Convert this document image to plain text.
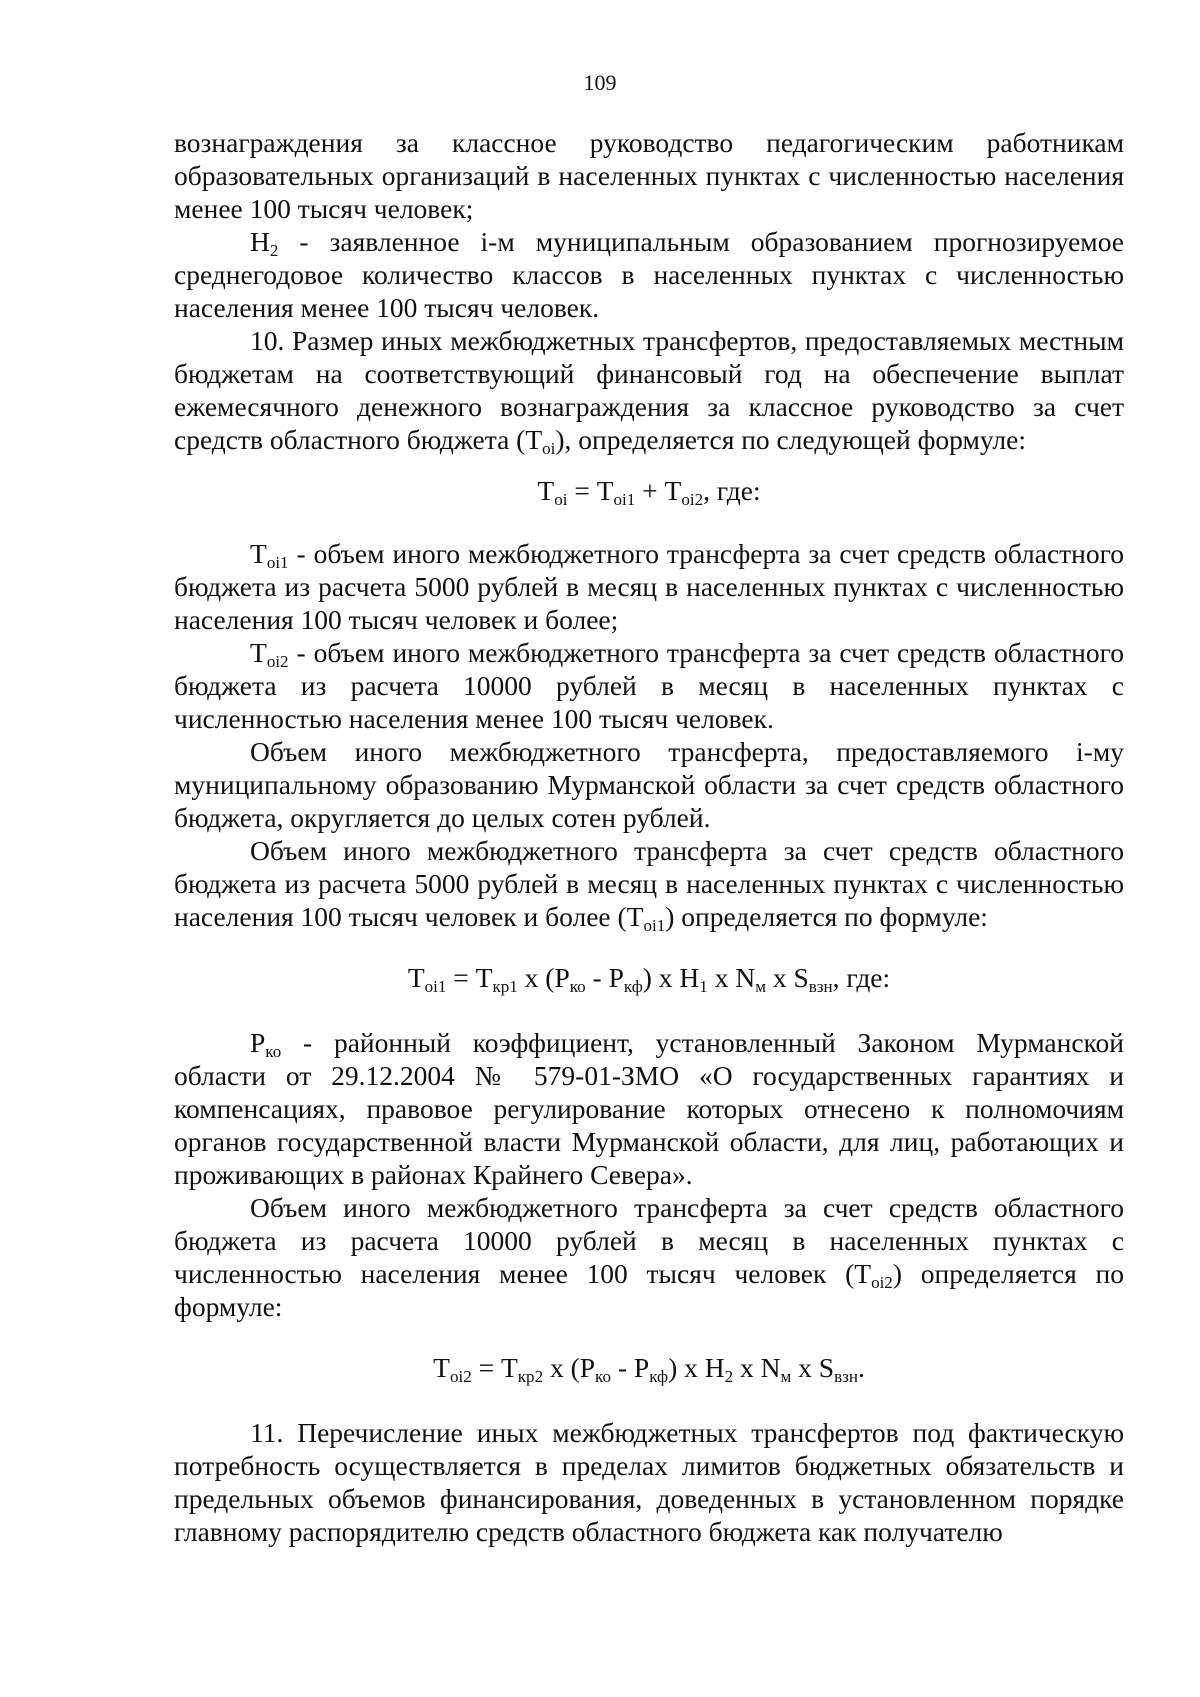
109

вознаграждения за классное руководство педагогическим работникам образовательных организаций в населенных пунктах с численностью населения менее 100 тысяч человек;

$Н_2$ - заявленное i-м муниципальным образованием прогнозируемое среднегодовое количество классов в населенных пунктах с численностью населения менее 100 тысяч человек.

10. Размер иных межбюджетных трансфертов, предоставляемых местным бюджетам на соответствующий финансовый год на обеспечение выплат ежемесячного денежного вознаграждения за классное руководство за счет средств областного бюджета $(Т_{oi})$, определяется по следующей формуле:

$Т_{oi} = Т_{oi1} + Т_{oi2}$, где:

$Т_{oi1}$ - объем иного межбюджетного трансферта за счет средств областного бюджета из расчета 5000 рублей в месяц в населенных пунктах с численностью населения 100 тысяч человек и более;

$Т_{oi2}$ - объем иного межбюджетного трансферта за счет средств областного бюджета из расчета 10000 рублей в месяц в населенных пунктах с численностью населения менее 100 тысяч человек.

Объем иного межбюджетного трансферта, предоставляемого i-му муниципальному образованию Мурманской области за счет средств областного бюджета, округляется до целых сотен рублей.

Объем иного межбюджетного трансферта за счет средств областного бюджета из расчета 5000 рублей в месяц в населенных пунктах с численностью населения 100 тысяч человек и более $(Т_{oi1})$ определяется по формуле:

$Т_{oi1} = Т_{кр1}$ х $(Р_{ко} - Р_{кф})$ х $Н_1$ х $N_м$ х $S_{взн}$, где:

$Р_{ко}$ - районный коэффициент, установленный Законом Мурманской области от 29.12.2004 № 579-01-ЗМО «О государственных гарантиях и компенсациях, правовое регулирование которых отнесено к полномочиям органов государственной власти Мурманской области, для лиц, работающих и проживающих в районах Крайнего Севера».

Объем иного межбюджетного трансферта за счет средств областного бюджета из расчета 10000 рублей в месяц в населенных пунктах с численностью населения менее 100 тысяч человек $(Т_{oi2})$ определяется по формуле:

$Т_{oi2} = Т_{кр2}$ х $(Р_{ко} - Р_{кф})$ х $Н_2$ х $N_м$ х $S_{взн}$.

11. Перечисление иных межбюджетных трансфертов под фактическую потребность осуществляется в пределах лимитов бюджетных обязательств и предельных объемов финансирования, доведенных в установленном порядке главному распорядителю средств областного бюджета как получателю
